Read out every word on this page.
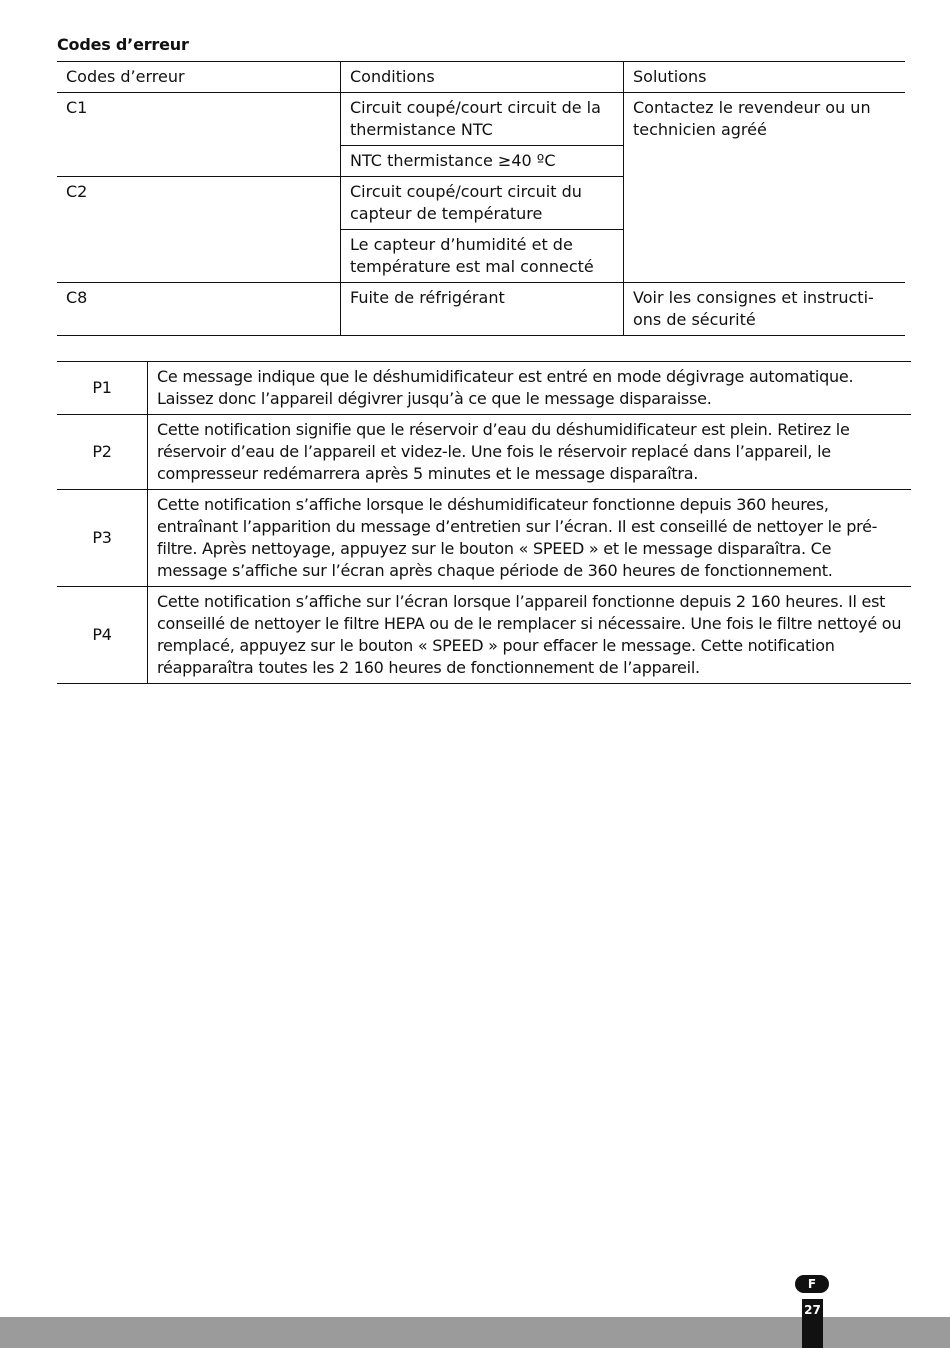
Codes d’erreur
Codes d’erreur	Conditions	Solutions
C1	Circuit coupé/court circuit de la thermistance NTC	Contactez le revendeur ou un technicien agréé
	NTC thermistance ≥40 ºC	
C2	Circuit coupé/court circuit du capteur de température	
	Le capteur d’humidité et de température est mal connecté	
C8	Fuite de réfrigérant	Voir les consignes et instructi-ons de sécurité
P1	Ce message indique que le déshumidificateur est entré en mode dégivrage automatique. Laissez donc l’appareil dégivrer jusqu’à ce que le message disparaisse.
P2	Cette notification signifie que le réservoir d’eau du déshumidificateur est plein. Retirez le réservoir d’eau de l’appareil et videz-le. Une fois le réservoir replacé dans l’appareil, le compresseur redémarrera après 5 minutes et le message disparaîtra.
P3	Cette notification s’affiche lorsque le déshumidificateur fonctionne depuis 360 heures, entraînant l’apparition du message d’entretien sur l’écran. Il est conseillé de nettoyer le pré-filtre. Après nettoyage, appuyez sur le bouton « SPEED » et le message disparaîtra. Ce message s’affiche sur l’écran après chaque période de 360 heures de fonctionnement.
P4	Cette notification s’affiche sur l’écran lorsque l’appareil fonctionne depuis 2 160 heures. Il est conseillé de nettoyer le filtre HEPA ou de le remplacer si nécessaire. Une fois le filtre nettoyé ou remplacé, appuyez sur le bouton « SPEED » pour effacer le message. Cette notification réapparaîtra toutes les 2 160 heures de fonctionnement de l’appareil.
F
27
